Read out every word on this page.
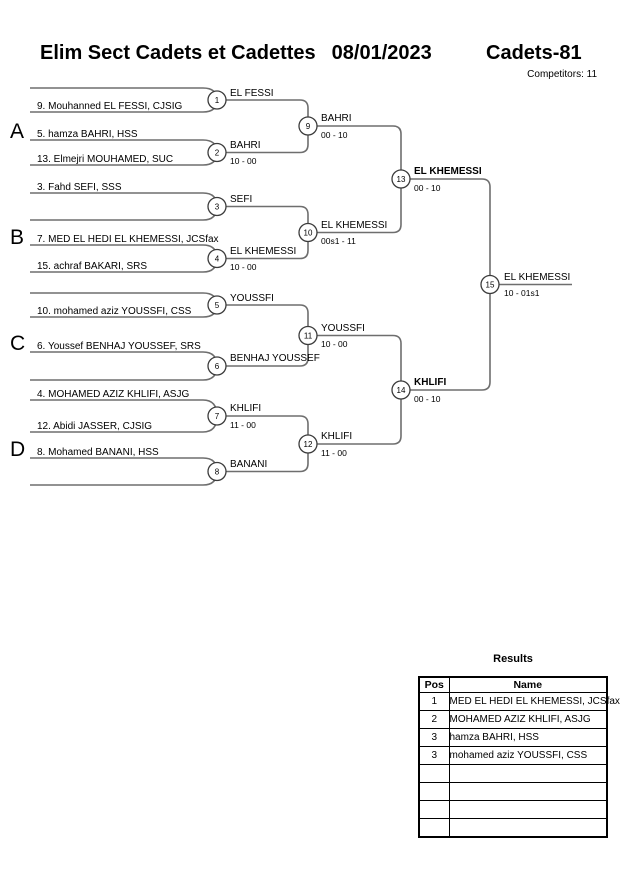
Elim Sect Cadets et Cadettes 08/01/2023	Cadets-81
Competitors: 11
A
B
C
D
9. Mouhanned EL FESSI, CJSIG
5. hamza BAHRI, HSS
13. Elmejri MOUHAMED, SUC
3. Fahd SEFI, SSS
7. MED EL HEDI EL KHEMESSI, JCSfax
15. achraf BAKARI, SRS
10. mohamed aziz YOUSSFI, CSS
6. Youssef BENHAJ YOUSSEF, SRS
4. MOHAMED AZIZ KHLIFI, ASJG
12. Abidi JASSER, CJSIG
8. Mohamed BANANI, HSS
EL FESSI
BAHRI
10 - 00
SEFI
EL KHEMESSI
10 - 00
YOUSSFI
BENHAJ YOUSSEF
KHLIFI
11 - 00
BANANI
BAHRI
00 - 10
EL KHEMESSI
00s1 - 11
YOUSSFI
10 - 00
KHLIFI
11 - 00
EL KHEMESSI
00 - 10
KHLIFI
00 - 10
EL KHEMESSI
10 - 01s1
1
2
3
4
5
6
7
8
9
10
11
12
13
14
15
Results
Pos	Name
1	MED EL HEDI EL KHEMESSI, JCSfax
2	MOHAMED AZIZ KHLIFI, ASJG
3	hamza BAHRI, HSS
3	mohamed aziz YOUSSFI, CSS
